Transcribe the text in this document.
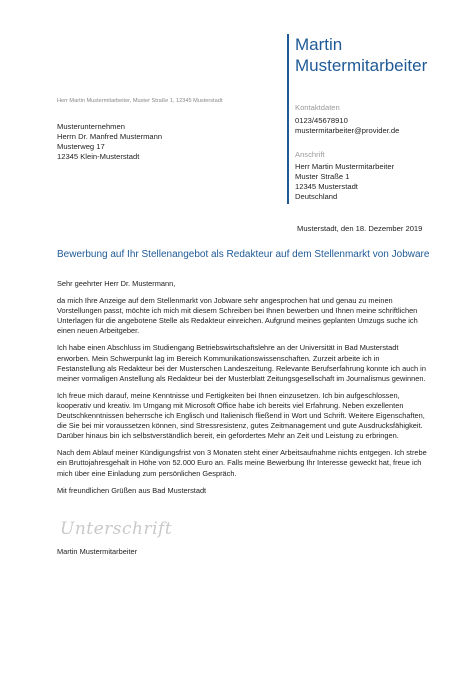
Martin
Mustermitarbeiter
Kontaktdaten
0123/45678910
mustermitarbeiter@provider.de
Anschrift
Herr Martin Mustermitarbeiter
Muster Straße 1
12345 Musterstadt
Deutschland
Herr Martin Mustermitarbeiter, Muster Straße 1, 12345 Musterstadt
Musterunternehmen
Herrn Dr. Manfred Mustermann
Musterweg 17
12345 Klein-Musterstadt
Musterstadt, den 18. Dezember 2019
Bewerbung auf Ihr Stellenangebot als Redakteur auf dem Stellenmarkt von Jobware

Sehr geehrter Herr Dr. Mustermann,

da mich Ihre Anzeige auf dem Stellenmarkt von Jobware sehr angesprochen hat und genau zu meinen Vorstellungen passt, möchte ich mich mit diesem Schreiben bei Ihnen bewerben und Ihnen meine schriftlichen Unterlagen für die angebotene Stelle als Redakteur einreichen. Aufgrund meines geplanten Umzugs suche ich einen neuen Arbeitgeber.

Ich habe einen Abschluss im Studiengang Betriebswirtschaftslehre an der Universität in Bad Musterstadt erworben. Mein Schwerpunkt lag im Bereich Kommunikationswissenschaften. Zurzeit arbeite ich in Festanstellung als Redakteur bei der Musterschen Landeszeitung. Relevante Berufserfahrung konnte ich auch in meiner vormaligen Anstellung als Redakteur bei der Musterblatt Zeitungsgesellschaft im Journalismus gewinnen.

Ich freue mich darauf, meine Kenntnisse und Fertigkeiten bei Ihnen einzusetzen. Ich bin aufgeschlossen, kooperativ und kreativ. Im Umgang mit Microsoft Office habe ich bereits viel Erfahrung. Neben exzellenten Deutschkenntnissen beherrsche ich Englisch und Italienisch fließend in Wort und Schrift. Weitere Eigenschaften, die Sie bei mir voraussetzen können, sind Stressresistenz, gutes Zeitmanagement und gute Ausdrucksfähigkeit. Darüber hinaus bin ich selbstverständlich bereit, ein gefordertes Mehr an Zeit und Leistung zu erbringen.

Nach dem Ablauf meiner Kündigungsfrist von 3 Monaten steht einer Arbeitsaufnahme nichts entgegen. Ich strebe ein Bruttojahresgehalt in Höhe von 52.000 Euro an. Falls meine Bewerbung Ihr Interesse geweckt hat, freue ich mich über eine Einladung zum persönlichen Gespräch.

Mit freundlichen Grüßen aus Bad Musterstadt

Unterschrift
Martin Mustermitarbeiter
